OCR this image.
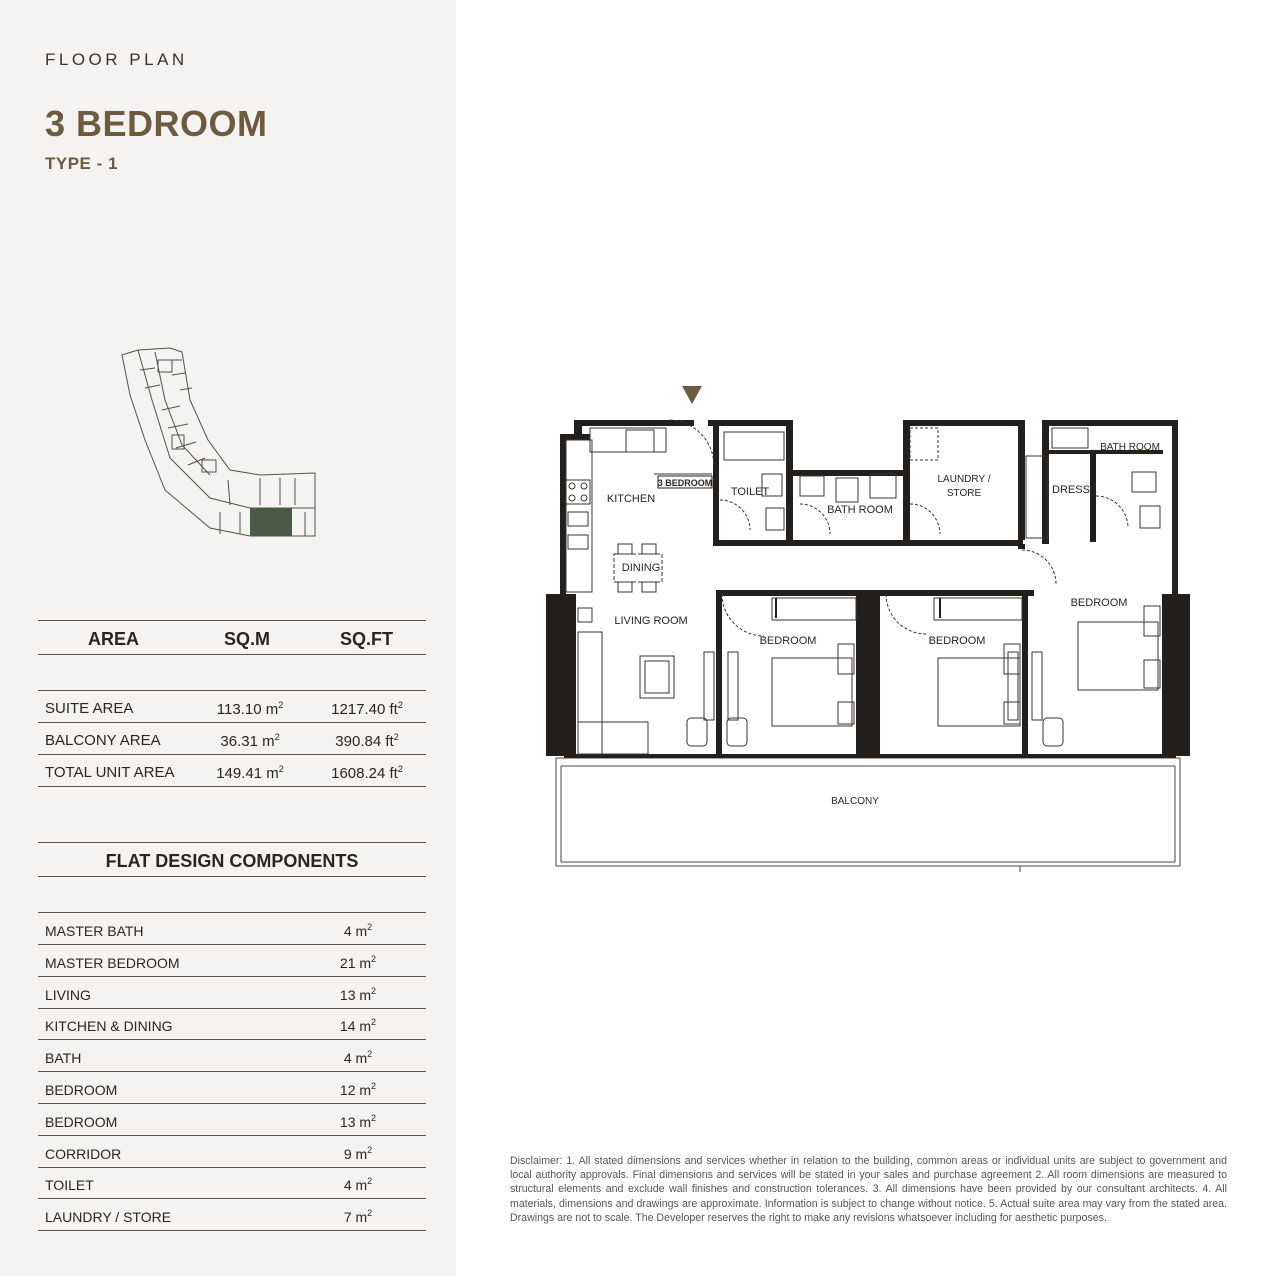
FLOOR PLAN
3 BEDROOM
TYPE - 1
AREA	SQ.M	SQ.FT
SUITE AREA	113.10 $m^2$	1217.40 $ft^2$
BALCONY AREA	36.31 $m^2$	390.84 $ft^2$
TOTAL UNIT AREA	149.41 $m^2$	1608.24 $ft^2$
FLAT DESIGN COMPONENTS
MASTER BATH	4 $m^2$
MASTER BEDROOM	21 $m^2$
LIVING	13 $m^2$
KITCHEN & DINING	14 $m^2$
BATH	4 $m^2$
BEDROOM	12 $m^2$
BEDROOM	13 $m^2$
CORRIDOR	9 $m^2$
TOILET	4 $m^2$
LAUNDRY / STORE	7 $m^2$
KITCHEN
3 BEDROOM
TOILET
BATH ROOM
LAUNDRY /
STORE	DRESS
BATH ROOM
DINING
LIVING ROOM
BEDROOM	BEDROOM
BEDROOM
BALCONY
Disclaimer: 1. All stated dimensions and services whether in relation to the building, common areas or individual units are subject to government and local authority approvals. Final dimensions and services will be stated in your sales and purchase agreement 2. All room dimensions are measured to structural elements and exclude wall finishes and construction tolerances. 3. All dimensions have been provided by our consultant architects. 4. All materials, dimensions and drawings are approximate. Information is subject to change without notice. 5. Actual suite area may vary from the stated area. Drawings are not to scale. The Developer reserves the right to make any revisions whatsoever including for aesthetic purposes.
